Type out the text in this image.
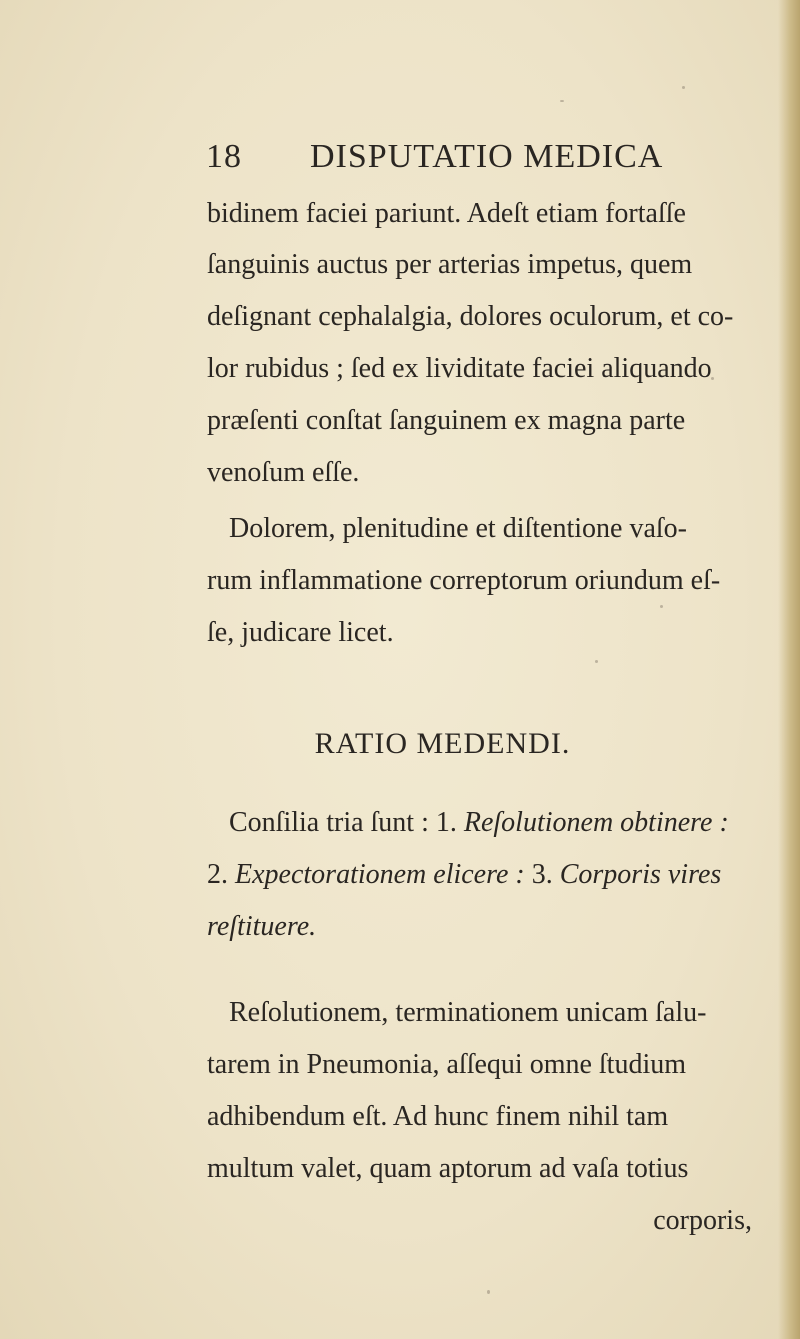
18 DISPUTATIO MEDICA
bidinem faciei pariunt. Adeſt etiam fortaſſe
ſanguinis auctus per arterias impetus, quem
deſignant cephalalgia, dolores oculorum, et co-
lor rubidus ; ſed ex lividitate faciei aliquando
præſenti conſtat ſanguinem ex magna parte
venoſum eſſe.
Dolorem, plenitudine et diſtentione vaſo-
rum inflammatione correptorum oriundum eſ-
ſe, judicare licet.
RATIO MEDENDI.
Conſilia tria ſunt : 1. Reſolutionem obtinere :
2. Expectorationem elicere : 3. Corporis vires
reſtituere.
Reſolutionem, terminationem unicam ſalu-
tarem in Pneumonia, aſſequi omne ſtudium
adhibendum eſt. Ad hunc finem nihil tam
multum valet, quam aptorum ad vaſa totius
corporis,
